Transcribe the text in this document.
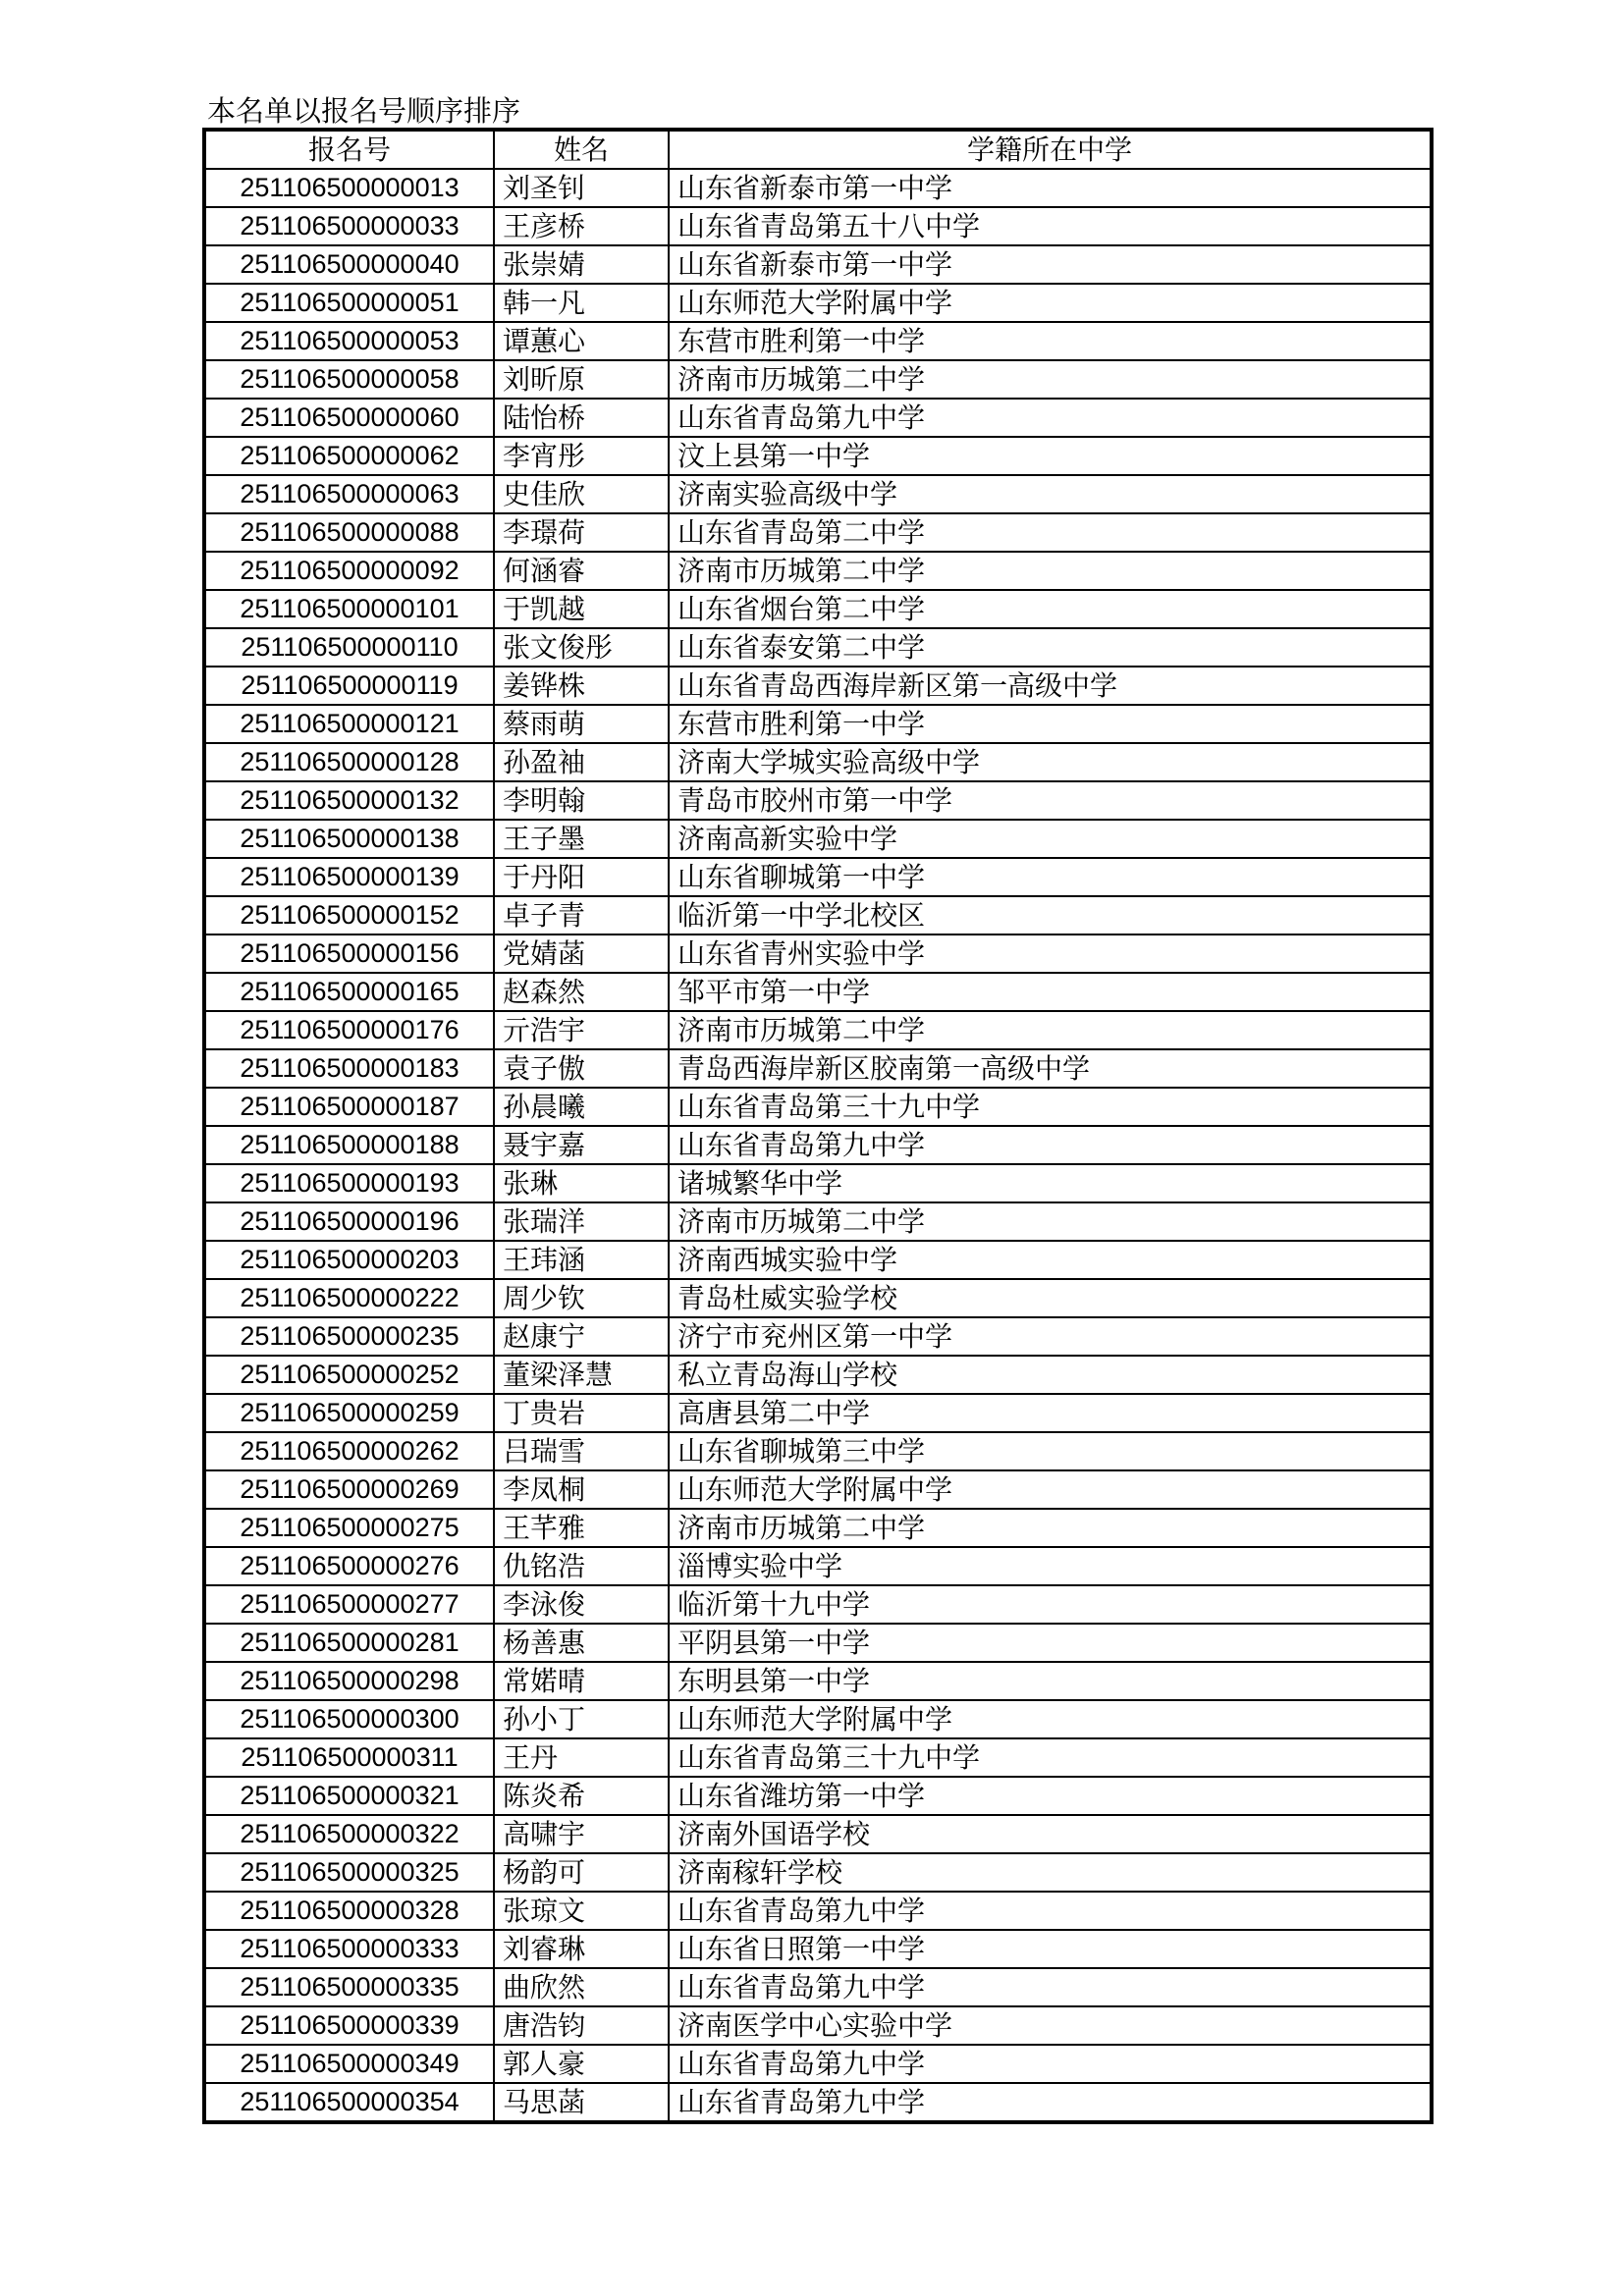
本名单以报名号顺序排序
报名号	姓名	学籍所在中学
251106500000013	刘圣钊	山东省新泰市第一中学
251106500000033	王彦桥	山东省青岛第五十八中学
251106500000040	张崇婧	山东省新泰市第一中学
251106500000051	韩一凡	山东师范大学附属中学
251106500000053	谭蕙心	东营市胜利第一中学
251106500000058	刘昕原	济南市历城第二中学
251106500000060	陆怡桥	山东省青岛第九中学
251106500000062	李宵彤	汶上县第一中学
251106500000063	史佳欣	济南实验高级中学
251106500000088	李璟荷	山东省青岛第二中学
251106500000092	何涵睿	济南市历城第二中学
251106500000101	于凯越	山东省烟台第二中学
251106500000110	张文俊彤	山东省泰安第二中学
251106500000119	姜铧株	山东省青岛西海岸新区第一高级中学
251106500000121	蔡雨萌	东营市胜利第一中学
251106500000128	孙盈袖	济南大学城实验高级中学
251106500000132	李明翰	青岛市胶州市第一中学
251106500000138	王子墨	济南高新实验中学
251106500000139	于丹阳	山东省聊城第一中学
251106500000152	卓子青	临沂第一中学北校区
251106500000156	党婧菡	山东省青州实验中学
251106500000165	赵森然	邹平市第一中学
251106500000176	亓浩宇	济南市历城第二中学
251106500000183	袁子傲	青岛西海岸新区胶南第一高级中学
251106500000187	孙晨曦	山东省青岛第三十九中学
251106500000188	聂宇嘉	山东省青岛第九中学
251106500000193	张琳	诸城繁华中学
251106500000196	张瑞洋	济南市历城第二中学
251106500000203	王玮涵	济南西城实验中学
251106500000222	周少钦	青岛杜威实验学校
251106500000235	赵康宁	济宁市兖州区第一中学
251106500000252	董梁泽慧	私立青岛海山学校
251106500000259	丁贵岩	高唐县第二中学
251106500000262	吕瑞雪	山东省聊城第三中学
251106500000269	李凤桐	山东师范大学附属中学
251106500000275	王芊雅	济南市历城第二中学
251106500000276	仇铭浩	淄博实验中学
251106500000277	李泳俊	临沂第十九中学
251106500000281	杨善惠	平阴县第一中学
251106500000298	常婼晴	东明县第一中学
251106500000300	孙小丁	山东师范大学附属中学
251106500000311	王丹	山东省青岛第三十九中学
251106500000321	陈炎希	山东省潍坊第一中学
251106500000322	高啸宇	济南外国语学校
251106500000325	杨韵可	济南稼轩学校
251106500000328	张琼文	山东省青岛第九中学
251106500000333	刘睿琳	山东省日照第一中学
251106500000335	曲欣然	山东省青岛第九中学
251106500000339	唐浩钧	济南医学中心实验中学
251106500000349	郭人豪	山东省青岛第九中学
251106500000354	马思菡	山东省青岛第九中学
